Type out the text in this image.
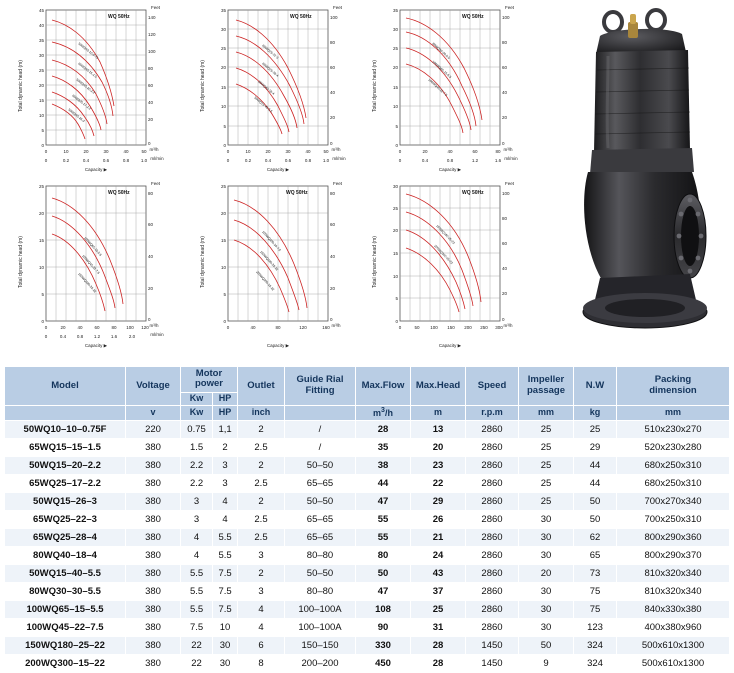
45
40
35
30
25
20
15
10
5
0
140
120
100
80
60
40
20
0
Feet
Total dynamic head (m)
0	10	20	30	40	50 m³/h
0	0.2	0.4	0.6	0.8	1.0 ml/min
Capacity ▶
WQ 50Hz
50WQ10-10-0.75
65WQ15-15-1.5
50WQ15-20-2.2
65WQ25-17-2.2
50WQ15-26-3
35
30
25
20
15
10
5
0
100
80
60
40
20
0
Feet
Total dynamic head (m)
0	10	20	30	40	50 m³/h
0	0.2	0.4	0.6	0.8	1.0 ml/min
Capacity ▶
WQ 50Hz
65WQ25-22-3
65WQ25-28-4
80WQ40-18-4
50WQ15-40-5.5
35
30
25
20
15
10
5
0
100
80
60
40
20
0
Feet
Total dynamic head (m)
0	20	40	60	80 m³/h
0	0.4	0.8	1.2	1.6 ml/min
Capacity ▶
WQ 50Hz
80WQ30-30-5.5
100WQ65-15-5.5
100WQ45-22-7.5
25
20
15
10
5
0
80
60
40
20
0
Feet
Total dynamic head (m)
0	20	40	60	80 100 120 m³/h
0	0.4 0.8 1.2 1.6	2.0	ml/min
Capacity ▶
WQ 50Hz
100WQ65-15-5.5
100WQ45-22-7.5
150WQ180-25-22
25
20
15
10
5
0
80
60
40
20
0
Feet
Total dynamic head (m)
0	40	80	120	160 m³/h
Capacity ▶
WQ 50Hz
100WQ100-10-7.5
150WQ180-25-22
200WQ300-15-22
30
25
20
15
10
5
0
100
80
60
40
20
0
Feet
Total dynamic head (m)
0	50 100 150 200 250 300 m³/h
Capacity ▶
WQ 50Hz
150WQ180-25-22
200WQ300-15-22
Model	Voltage	Motor
power		Outlet	Guide Rial
Fitting	Max.Flow	Max.Head	Speed	Impeller
passage	N.W	Packing
dimension
		Kw	HP								
	v	Kw	HP	inch		$m^3/h$	m	r.p.m	mm	kg	mm
50WQ10–10–0.75F	220	0.75	1,1	2	/	28	13	2860	25	25	510x230x270
65WQ15–15–1.5	380	1.5	2	2.5	/	35	20	2860	25	29	520x230x280
50WQ15–20–2.2	380	2.2	3	2	50–50	38	23	2860	25	44	680x250x310
65WQ25–17–2.2	380	2.2	3	2.5	65–65	44	22	2860	25	44	680x250x310
50WQ15–26–3	380	3	4	2	50–50	47	29	2860	25	50	700x270x340
65WQ25–22–3	380	3	4	2.5	65–65	55	26	2860	30	50	700x250x310
65WQ25–28–4	380	4	5.5	2.5	65–65	55	21	2860	30	62	800x290x360
80WQ40–18–4	380	4	5.5	3	80–80	80	24	2860	30	65	800x290x370
50WQ15–40–5.5	380	5.5	7.5	2	50–50	50	43	2860	20	73	810x320x340
80WQ30–30–5.5	380	5.5	7.5	3	80–80	47	37	2860	30	75	810x320x340
100WQ65–15–5.5	380	5.5	7.5	4	100–100A	108	25	2860	30	75	840x330x380
100WQ45–22–7.5	380	7.5	10	4	100–100A	90	31	2860	30	123	400x380x960
150WQ180–25–22	380	22	30	6	150–150	330	28	1450	50	324	500x610x1300
200WQ300–15–22	380	22	30	8	200–200	450	28	1450	9	324	500x610x1300
